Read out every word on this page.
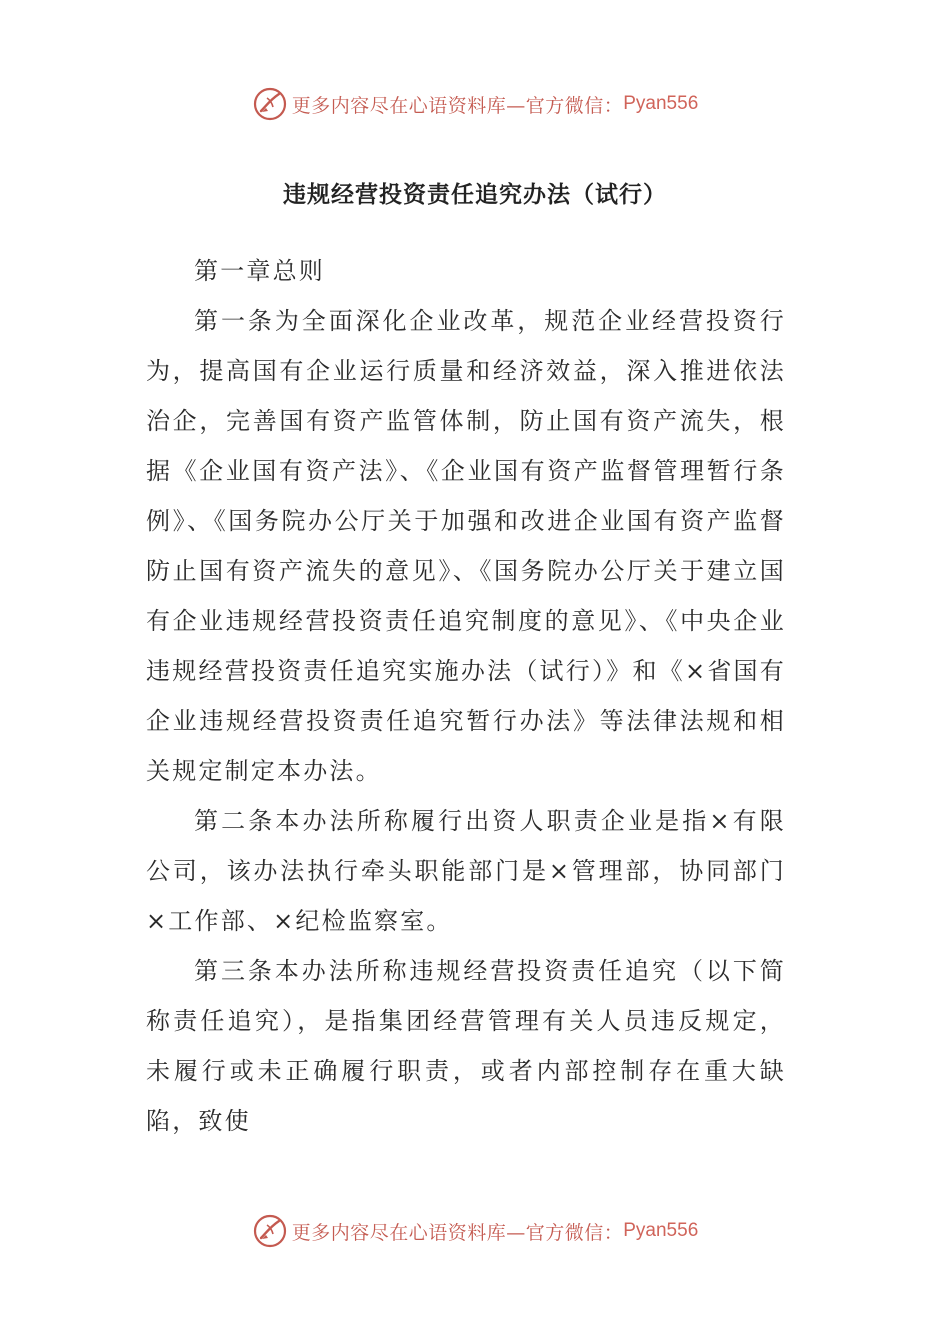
更多内容尽在心语资料库—官方微信： Pyan556
违规经营投资责任追究办法（试行）

第一章总则

第一条为全面深化企业改革，规范企业经营投资行为，提高国有企业运行质量和经济效益，深入推进依法治企，完善国有资产监管体制，防止国有资产流失，根据《企业国有资产法》、《企业国有资产监督管理暂行条例》、《国务院办公厅关于加强和改进企业国有资产监督防止国有资产流失的意见》、《国务院办公厅关于建立国有企业违规经营投资责任追究制度的意见》、《中央企业违规经营投资责任追究实施办法（试行）》和《×省国有企业违规经营投资责任追究暂行办法》等法律法规和相关规定制定本办法。

第二条本办法所称履行出资人职责企业是指×有限公司，该办法执行牵头职能部门是×管理部，协同部门×工作部、×纪检监察室。

第三条本办法所称违规经营投资责任追究（以下简称责任追究），是指集团经营管理有关人员违反规定，未履行或未正确履行职责，或者内部控制存在重大缺陷，致使

更多内容尽在心语资料库—官方微信： Pyan556
